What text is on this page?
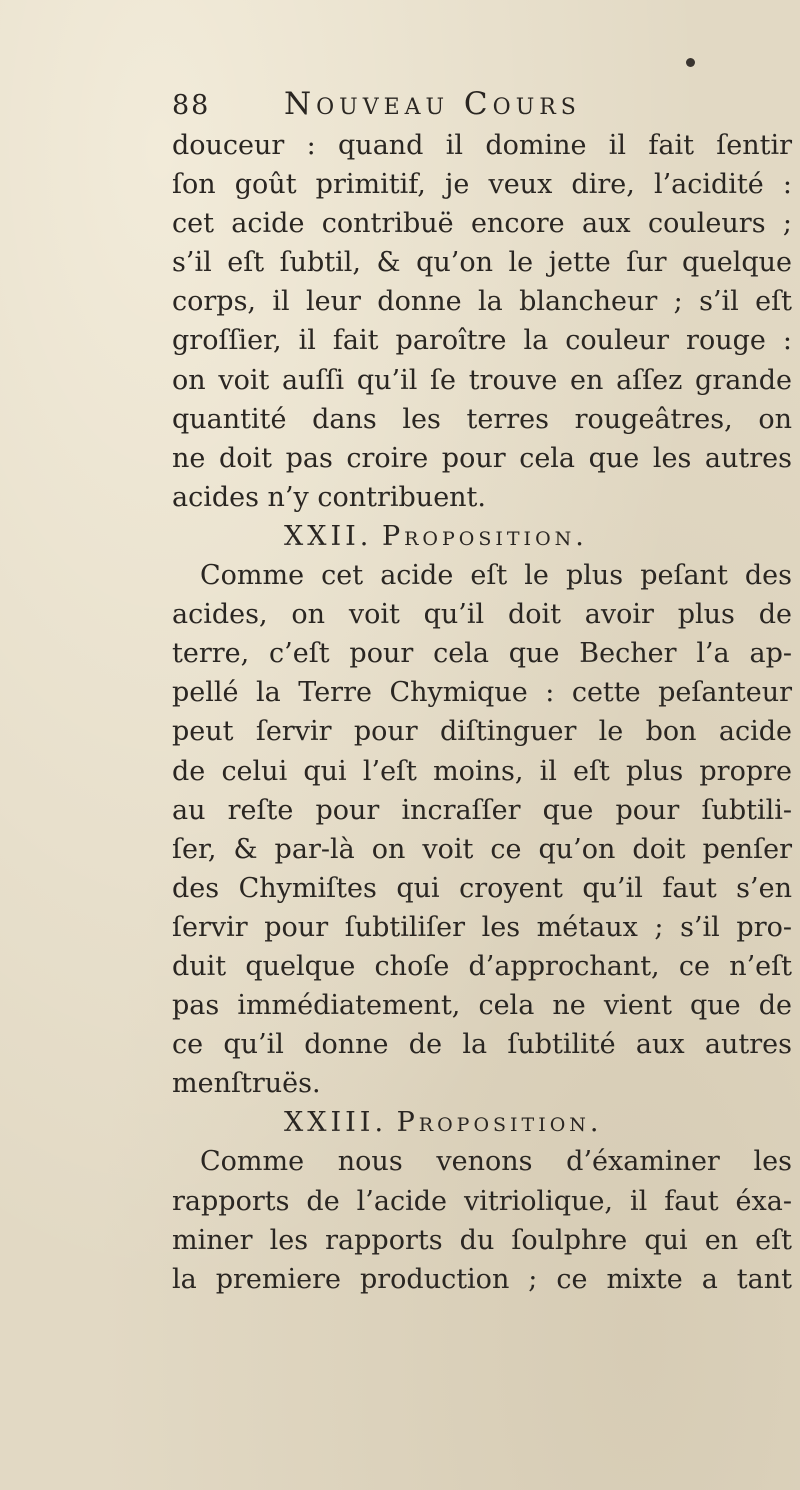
88 Nouveau Cours
douceur : quand il domine il fait ſentir
ſon goût primitif, je veux dire, l’acidité :
cet acide contribuë encore aux couleurs ;
s’il eſt ſubtil, & qu’on le jette ſur quelque
corps, il leur donne la blancheur ; s’il eſt
groſſier, il fait paroître la couleur rouge :
on voit auſſi qu’il ſe trouve en aſſez grande
quantité dans les terres rougeâtres, on
ne doit pas croire pour cela que les autres
acides n’y contribuent.
XXII. Proposition.
Comme cet acide eſt le plus peſant des
acides, on voit qu’il doit avoir plus de
terre, c’eſt pour cela que Becher l’a ap-
pellé la Terre Chymique : cette peſanteur
peut ſervir pour diſtinguer le bon acide
de celui qui l’eſt moins, il eſt plus propre
au reſte pour incraſſer que pour ſubtili-
ſer, & par-là on voit ce qu’on doit penſer
des Chymiſtes qui croyent qu’il faut s’en
ſervir pour ſubtiliſer les métaux ; s’il pro-
duit quelque choſe d’approchant, ce n’eſt
pas immédiatement, cela ne vient que de
ce qu’il donne de la ſubtilité aux autres
menſtruës.
XXIII. Proposition.
Comme nous venons d’éxaminer les
rapports de l’acide vitriolique, il faut éxa-
miner les rapports du ſoulphre qui en eſt
la premiere production ; ce mixte a tant
